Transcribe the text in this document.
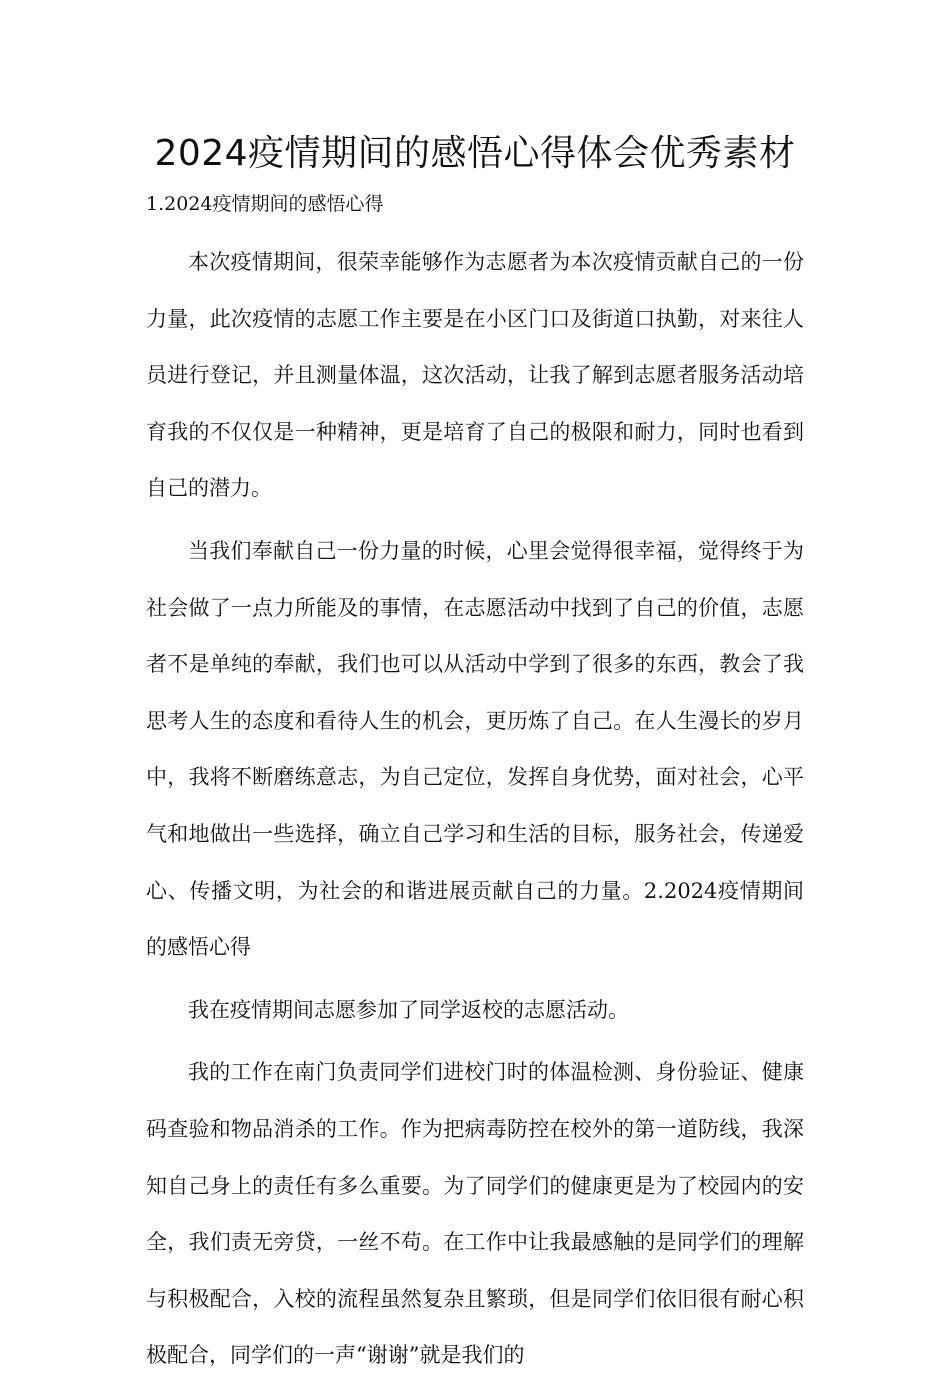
2024疫情期间的感悟心得体会优秀素材
1.2024疫情期间的感悟心得

本次疫情期间，很荣幸能够作为志愿者为本次疫情贡献自己的一份力量，此次疫情的志愿工作主要是在小区门口及街道口执勤，对来往人员进行登记，并且测量体温，这次活动，让我了解到志愿者服务活动培育我的不仅仅是一种精神，更是培育了自己的极限和耐力，同时也看到自己的潜力。

当我们奉献自己一份力量的时候，心里会觉得很幸福，觉得终于为社会做了一点力所能及的事情，在志愿活动中找到了自己的价值，志愿者不是单纯的奉献，我们也可以从活动中学到了很多的东西，教会了我思考人生的态度和看待人生的机会，更历炼了自己。在人生漫长的岁月中，我将不断磨练意志，为自己定位，发挥自身优势，面对社会，心平气和地做出一些选择，确立自己学习和生活的目标，服务社会，传递爱心、传播文明，为社会的和谐进展贡献自己的力量。2.2024疫情期间的感悟心得

我在疫情期间志愿参加了同学返校的志愿活动。

我的工作在南门负责同学们进校门时的体温检测、身份验证、健康码查验和物品消杀的工作。作为把病毒防控在校外的第一道防线，我深知自己身上的责任有多么重要。为了同学们的健康更是为了校园内的安全，我们责无旁贷，一丝不苟。在工作中让我最感触的是同学们的理解与积极配合，入校的流程虽然复杂且繁琐，但是同学们依旧很有耐心积极配合，同学们的一声“谢谢”就是我们的
